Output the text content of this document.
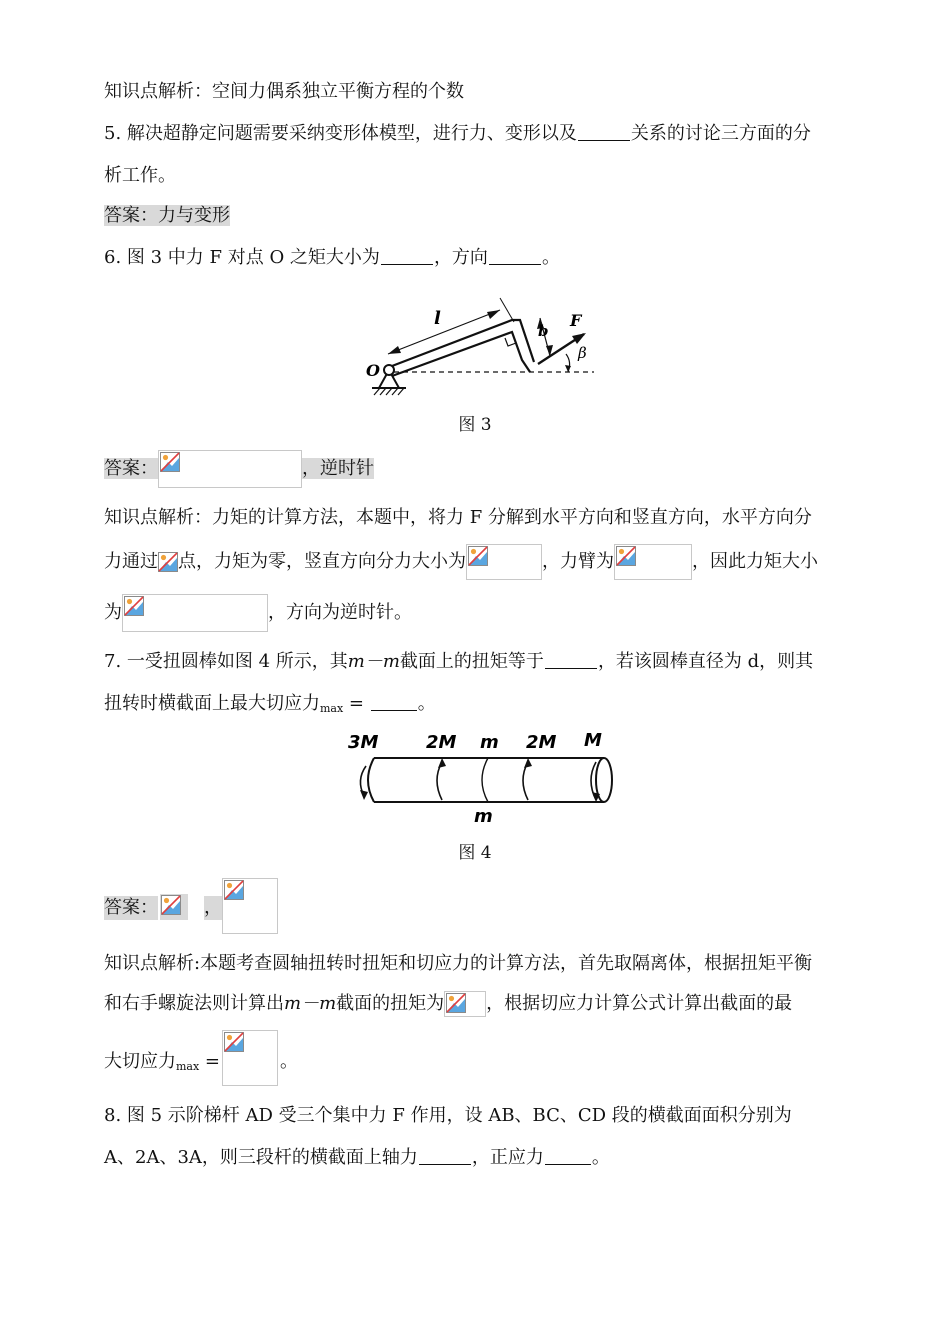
知识点解析：空间力偶系独立平衡方程的个数
5. 解决超静定问题需要采纳变形体模型，进行力、变形以及	关系的讨论三方面的分
析工作。
答案：力与变形
6. 图 3 中力 F 对点 O 之矩大小为	，方向	。
l
b
F
β
O
图 3
答案：	，逆时针
知识点解析：力矩的计算方法，本题中，将力 F 分解到水平方向和竖直方向，水平方向分
力通过 点，力矩为零，竖直方向分力大小为	，力臂为	，因此力矩大小
为	，方向为逆时针。
7. 一受扭圆棒如图 4 所示，其m－m截面上的扭矩等于	，若该圆棒直径为 d，则其
扭转时横截面上最大切应力$_{max}$ =	。
3M	2M m 2M M
m
图 4
答案：	，
知识点解析:本题考查圆轴扭转时扭矩和切应力的计算方法，首先取隔离体，根据扭矩平衡
和右手螺旋法则计算出m－m截面的扭矩为 ，根据切应力计算公式计算出截面的最
大切应力$_{max}$ =	。
8. 图 5 示阶梯杆 AD 受三个集中力 F 作用，设 AB、BC、CD 段的横截面面积分别为
A、2A、3A，则三段杆的横截面上轴力	，正应力	。
